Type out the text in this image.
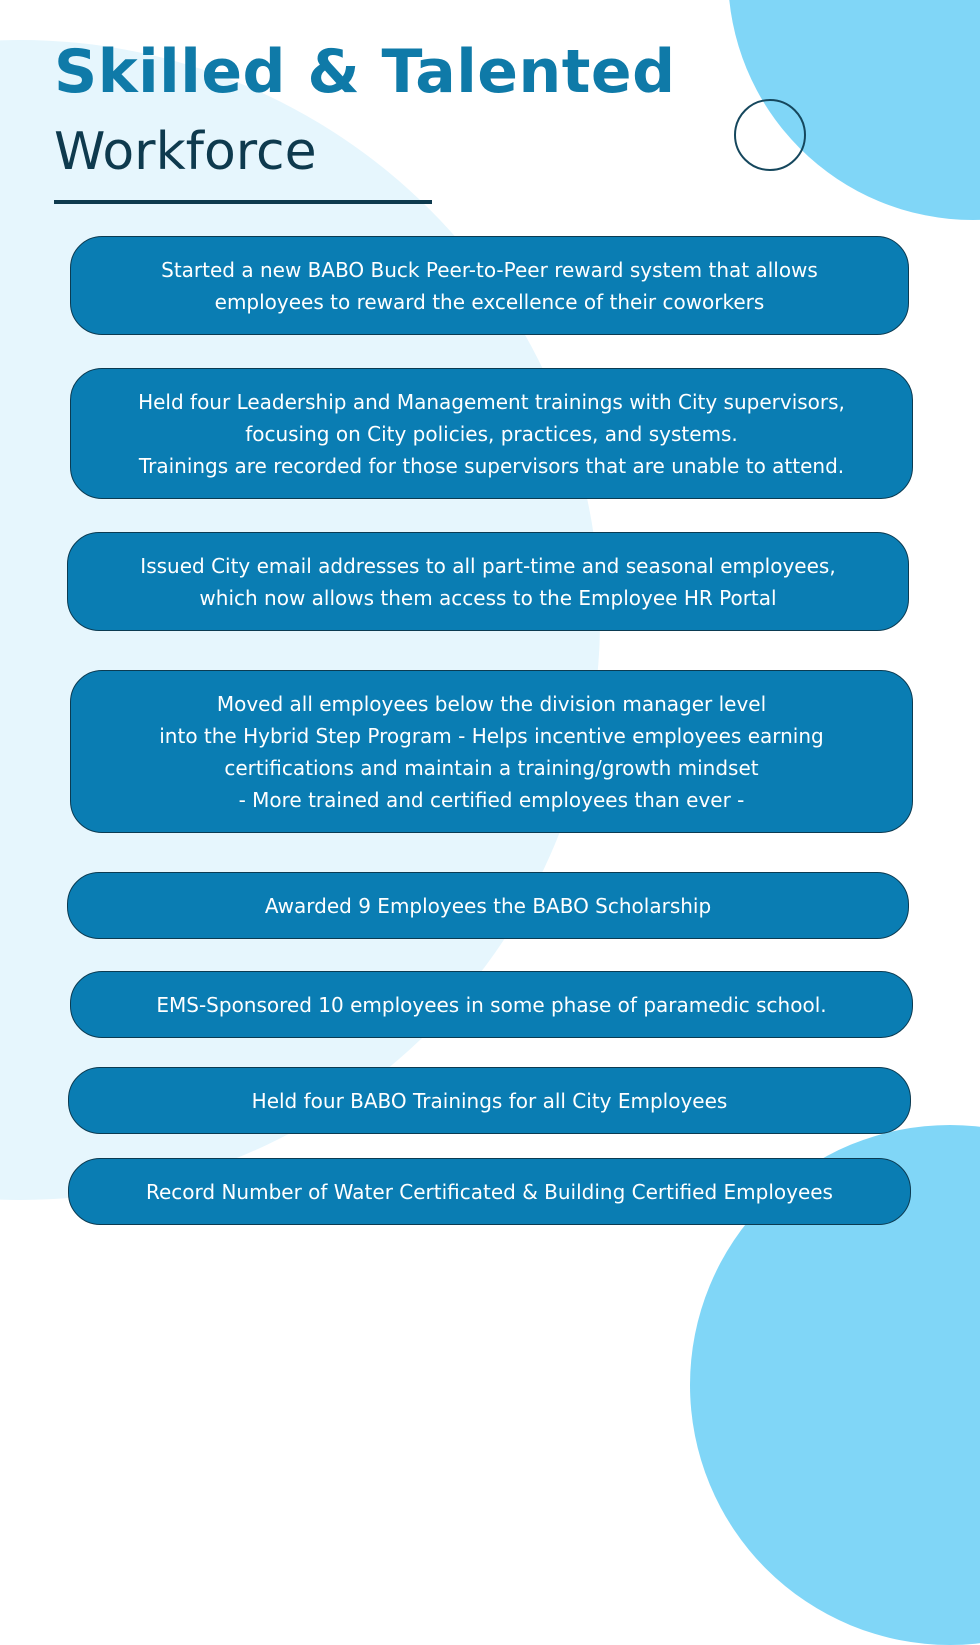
Skilled & Talented
Workforce
Started a new BABO Buck Peer-to-Peer reward system that allows
employees to reward the excellence of their coworkers
Held four Leadership and Management trainings with City supervisors,
focusing on City policies, practices, and systems.
Trainings are recorded for those supervisors that are unable to attend.
Issued City email addresses to all part-time and seasonal employees,
which now allows them access to the Employee HR Portal
Moved all employees below the division manager level
into the Hybrid Step Program - Helps incentive employees earning
certifications and maintain a training/growth mindset
- More trained and certified employees than ever -
Awarded 9 Employees the BABO Scholarship
EMS-Sponsored 10 employees in some phase of paramedic school.
Held four BABO Trainings for all City Employees
Record Number of Water Certificated & Building Certified Employees
